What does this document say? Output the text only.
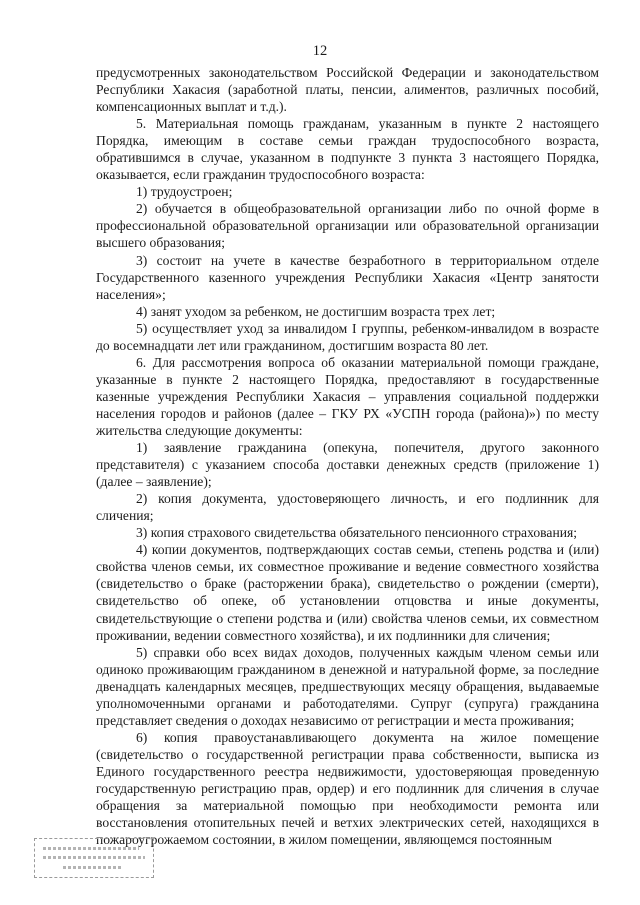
12

предусмотренных законодательством Российской Федерации и законодательством Республики Хакасия (заработной платы, пенсии, алиментов, различных пособий, компенсационных выплат и т.д.).

5. Материальная помощь гражданам, указанным в пункте 2 настоящего Порядка, имеющим в составе семьи граждан трудоспособного возраста, обратившимся в случае, указанном в подпункте 3 пункта 3 настоящего Порядка, оказывается, если гражданин трудоспособного возраста:

1) трудоустроен;

2) обучается в общеобразовательной организации либо по очной форме в профессиональной образовательной организации или образовательной организации высшего образования;

3) состоит на учете в качестве безработного в территориальном отделе Государственного казенного учреждения Республики Хакасия «Центр занятости населения»;

4) занят уходом за ребенком, не достигшим возраста трех лет;

5) осуществляет уход за инвалидом I группы, ребенком-инвалидом в возрасте до восемнадцати лет или гражданином, достигшим возраста 80 лет.

6. Для рассмотрения вопроса об оказании материальной помощи гражданe, указанные в пункте 2 настоящего Порядка, предоставляют в государственные казенные учреждения Республики Хакасия – управления социальной поддержки населения городов и районов (далее – ГКУ РХ «УСПН города (района)») по месту жительства следующие документы:

1) заявление гражданина (опекуна, попечителя, другого законного представителя) с указанием способа доставки денежных средств (приложение 1) (далее – заявление);

2) копия документа, удостоверяющего личность, и его подлинник для сличения;

3) копия страхового свидетельства обязательного пенсионного страхования;

4) копии документов, подтверждающих состав семьи, степень родства и (или) свойства членов семьи, их совместное проживание и ведение совместного хозяйства (свидетельство о браке (расторжении брака), свидетельство о рождении (смерти), свидетельство об опеке, об установлении отцовства и иные документы, свидетельствующие о степени родства и (или) свойства членов семьи, их совместном проживании, ведении совместного хозяйства), и их подлинники для сличения;

5) справки обо всех видах доходов, полученных каждым членом семьи или одиноко проживающим гражданином в денежной и натуральной форме, за последние двенадцать календарных месяцев, предшествующих месяцу обращения, выдаваемые уполномоченными органами и работодателями. Супруг (супруга) гражданина представляет сведения о доходах независимо от регистрации и места проживания;

6) копия правоустанавливающего документа на жилое помещение (свидетельство о государственной регистрации права собственности, выписка из Единого государственного реестра недвижимости, удостоверяющая проведенную государственную регистрацию прав, ордер) и его подлинник для сличения в случае обращения за материальной помощью при необходимости ремонта или восстановления отопительных печей и ветхих электрических сетей, находящихся в пожароугрожаемом состоянии, в жилом помещении, являющемся постоянным
